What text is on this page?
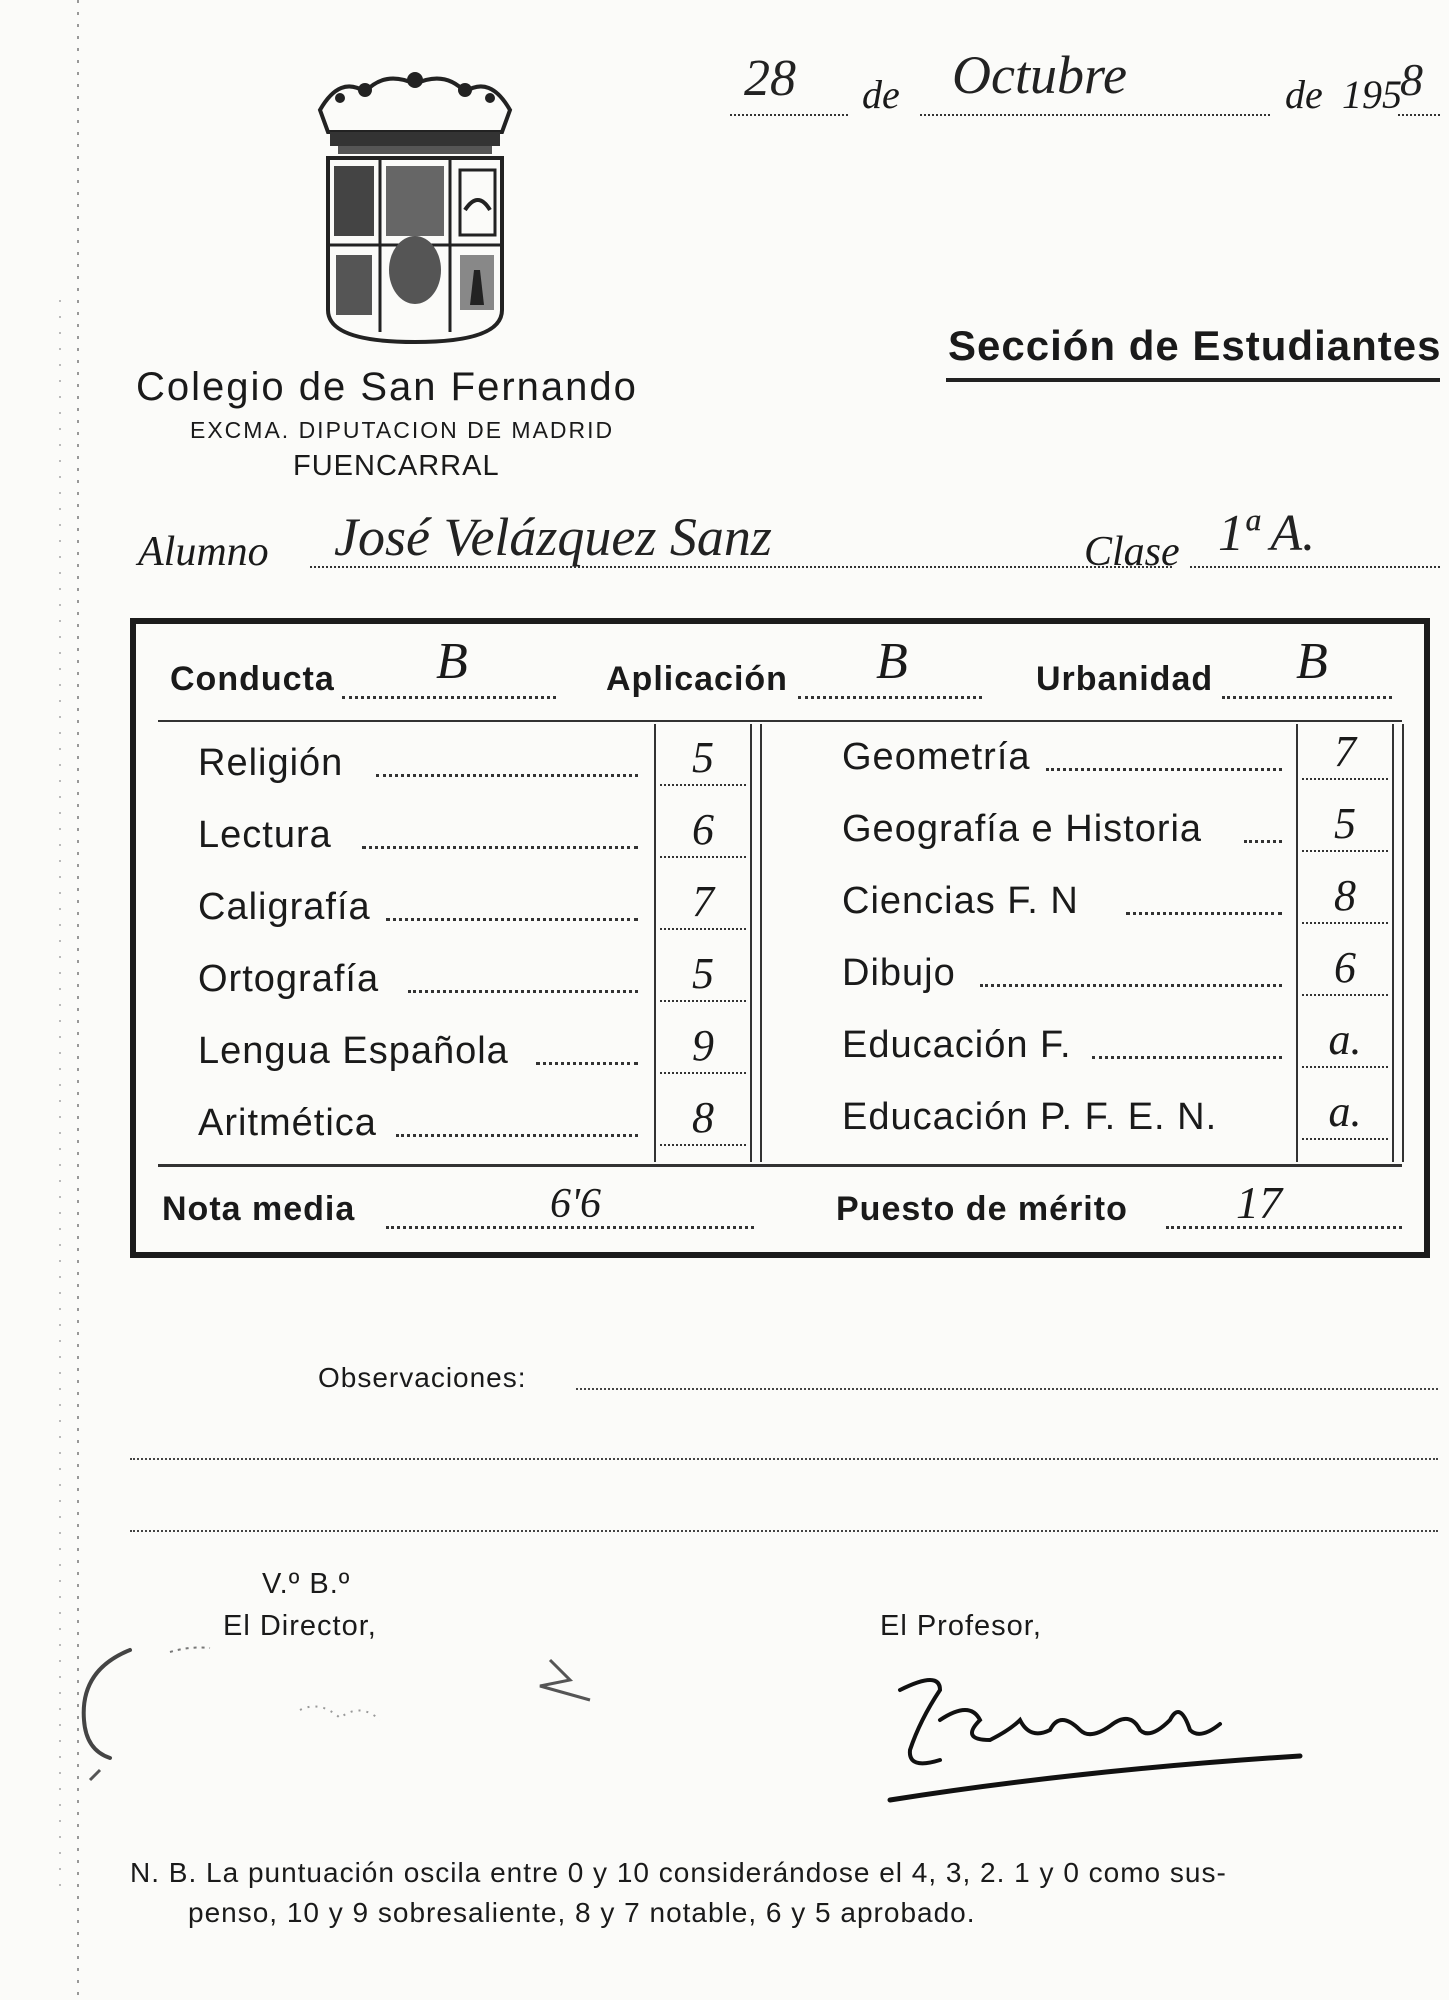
28 de Octubre	de 195
8
Colegio de San Fernando
EXCMA. DIPUTACION DE MADRID
FUENCARRAL
Sección de Estudiantes
Alumno José Velázquez Sanz	Clase 1ª A.
Conducta B	Aplicación B	Urbanidad B
Religión	5
Lectura	6
Caligrafía	7
Ortografía	5
Lengua Española	9
Aritmética	8
Geometría	7
Geografía e Historia	5
Ciencias F. N	8
Dibujo	6
Educación F.	a.
Educación P. F. E. N.	a.
Nota media	6'6	Puesto de mérito 17
Observaciones:
V.º B.º
El Director,	El Profesor,
Y. Grande
N. B. La puntuación oscila entre 0 y 10 considerándose el 4, 3, 2. 1 y 0 como sus-
penso, 10 y 9 sobresaliente, 8 y 7 notable, 6 y 5 aprobado.
